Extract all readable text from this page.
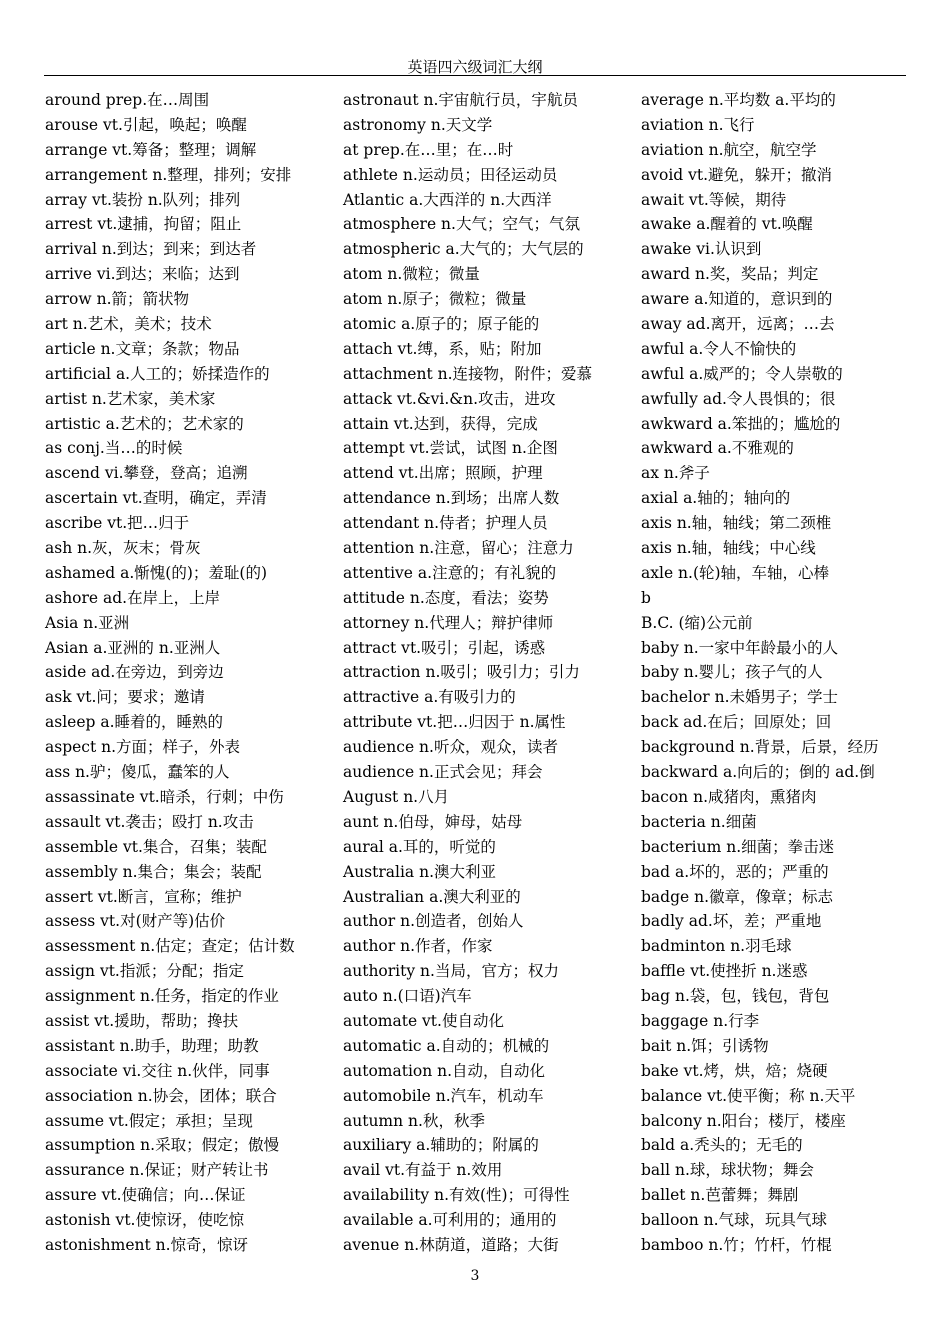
英语四六级词汇大纲
around prep.在…周围
arouse vt.引起，唤起；唤醒
arrange vt.筹备；整理；调解
arrangement n.整理，排列；安排
array vt.装扮 n.队列；排列
arrest vt.逮捕，拘留；阻止
arrival n.到达；到来；到达者
arrive vi.到达；来临；达到
arrow n.箭；箭状物
art n.艺术，美术；技术
article n.文章；条款；物品
artificial a.人工的；娇揉造作的
artist n.艺术家，美术家
artistic a.艺术的；艺术家的
as conj.当…的时候
ascend vi.攀登，登高；追溯
ascertain vt.查明，确定，弄清
ascribe vt.把…归于
ash n.灰，灰末；骨灰
ashamed a.惭愧(的)；羞耻(的)
ashore ad.在岸上，上岸
Asia n.亚洲
Asian a.亚洲的 n.亚洲人
aside ad.在旁边，到旁边
ask vt.问；要求；邀请
asleep a.睡着的，睡熟的
aspect n.方面；样子，外表
ass n.驴；傻瓜，蠢笨的人
assassinate vt.暗杀，行刺；中伤
assault vt.袭击；殴打 n.攻击
assemble vt.集合，召集；装配
assembly n.集合；集会；装配
assert vt.断言，宣称；维护
assess vt.对(财产等)估价
assessment n.估定；查定；估计数
assign vt.指派；分配；指定
assignment n.任务，指定的作业
assist vt.援助，帮助；搀扶
assistant n.助手，助理；助教
associate vi.交往 n.伙伴，同事
association n.协会，团体；联合
assume vt.假定；承担；呈现
assumption n.采取；假定；傲慢
assurance n.保证；财产转让书
assure vt.使确信；向…保证
astonish vt.使惊讶，使吃惊
astonishment n.惊奇，惊讶
astronaut n.宇宙航行员，宇航员
astronomy n.天文学
at prep.在…里；在…时
athlete n.运动员；田径运动员
Atlantic a.大西洋的 n.大西洋
atmosphere n.大气；空气；气氛
atmospheric a.大气的；大气层的
atom n.微粒；微量
atom n.原子；微粒；微量
atomic a.原子的；原子能的
attach vt.缚，系，贴；附加
attachment n.连接物，附件；爱慕
attack vt.&vi.&n.攻击，进攻
attain vt.达到，获得，完成
attempt vt.尝试，试图 n.企图
attend vt.出席；照顾，护理
attendance n.到场；出席人数
attendant n.侍者；护理人员
attention n.注意，留心；注意力
attentive a.注意的；有礼貌的
attitude n.态度，看法；姿势
attorney n.代理人；辩护律师
attract vt.吸引；引起，诱惑
attraction n.吸引；吸引力；引力
attractive a.有吸引力的
attribute vt.把…归因于 n.属性
audience n.听众，观众，读者
audience n.正式会见；拜会
August n.八月
aunt n.伯母，婶母，姑母
aural a.耳的，听觉的
Australia n.澳大利亚
Australian a.澳大利亚的
author n.创造者，创始人
author n.作者，作家
authority n.当局，官方；权力
auto n.(口语)汽车
automate vt.使自动化
automatic a.自动的；机械的
automation n.自动，自动化
automobile n.汽车，机动车
autumn n.秋，秋季
auxiliary a.辅助的；附属的
avail vt.有益于 n.效用
availability n.有效(性)；可得性
available a.可利用的；通用的
avenue n.林荫道，道路；大街
average n.平均数 a.平均的
aviation n.飞行
aviation n.航空，航空学
avoid vt.避免，躲开；撤消
await vt.等候，期待
awake a.醒着的 vt.唤醒
awake vi.认识到
award n.奖，奖品；判定
aware a.知道的，意识到的
away ad.离开，远离；…去
awful a.令人不愉快的
awful a.威严的；令人崇敬的
awfully ad.令人畏惧的；很
awkward a.笨拙的；尴尬的
awkward a.不雅观的
ax n.斧子
axial a.轴的；轴向的
axis n.轴，轴线；第二颈椎
axis n.轴，轴线；中心线
axle n.(轮)轴，车轴，心棒
b
B.C. (缩)公元前
baby n.一家中年龄最小的人
baby n.婴儿；孩子气的人
bachelor n.未婚男子；学士
back ad.在后；回原处；回
background n.背景，后景，经历
backward a.向后的；倒的 ad.倒
bacon n.咸猪肉，熏猪肉
bacteria n.细菌
bacterium n.细菌；拳击迷
bad a.坏的，恶的；严重的
badge n.徽章，像章；标志
badly ad.坏，差；严重地
badminton n.羽毛球
baffle vt.使挫折 n.迷惑
bag n.袋，包，钱包，背包
baggage n.行李
bait n.饵；引诱物
bake vt.烤，烘，焙；烧硬
balance vt.使平衡；称 n.天平
balcony n.阳台；楼厅，楼座
bald a.秃头的；无毛的
ball n.球，球状物；舞会
ballet n.芭蕾舞；舞剧
balloon n.气球，玩具气球
bamboo n.竹；竹杆，竹棍
3
